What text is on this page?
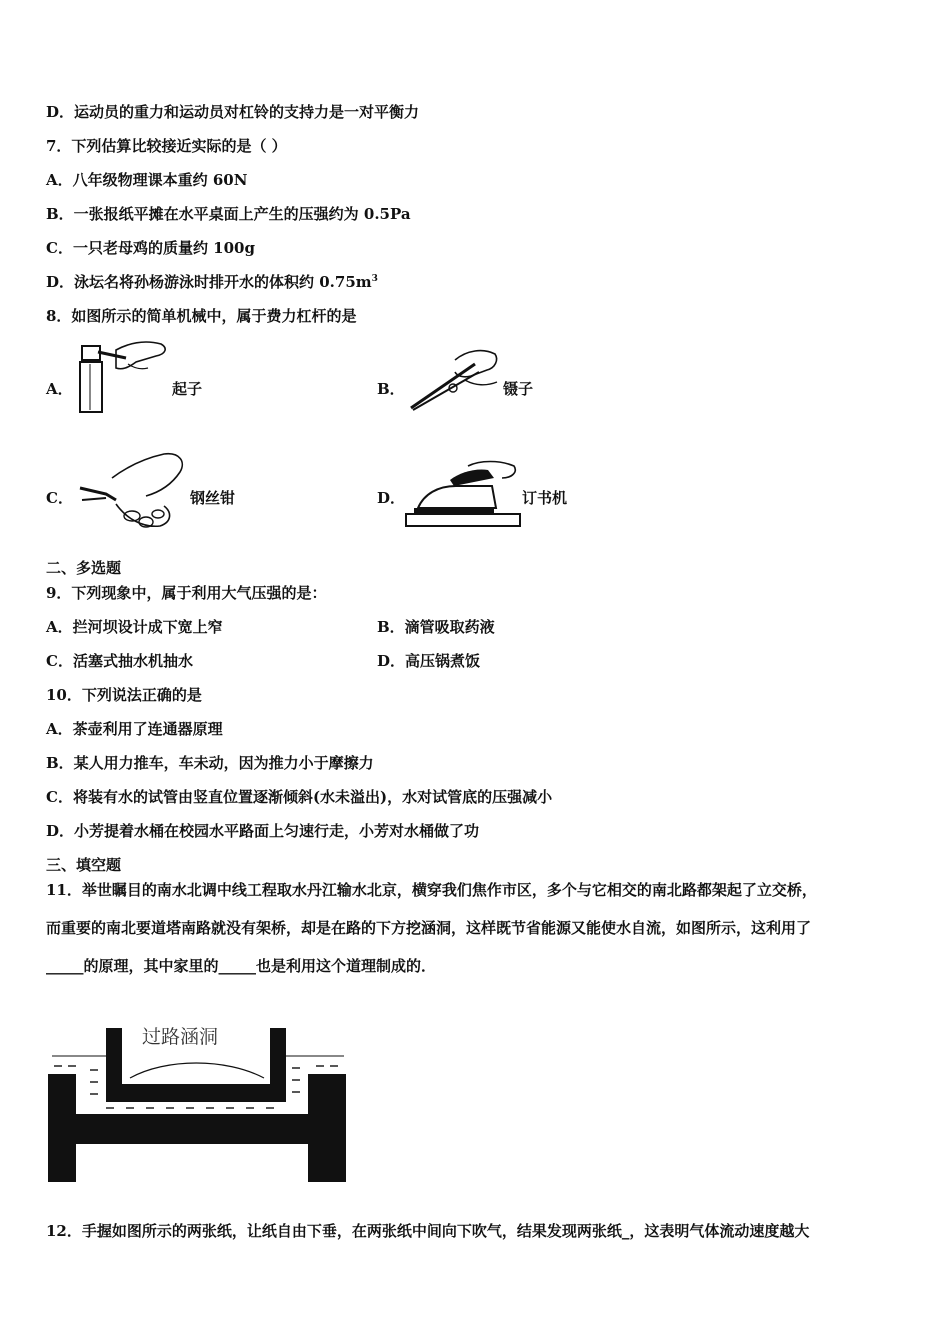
D．运动员的重力和运动员对杠铃的支持力是一对平衡力
7．下列估算比较接近实际的是（ ）
A．八年级物理课本重约 60N
B．一张报纸平摊在水平桌面上产生的压强约为 0.5Pa
C．一只老母鸡的质量约 100g
D．泳坛名将孙杨游泳时排开水的体积约 $0.75m^3$
8．如图所示的简单机械中，属于费力杠杆的是
A．	起子	B．	镊子
C．	钢丝钳	D．	订书机
二、多选题
9．下列现象中，属于利用大气压强的是：
A．拦河坝设计成下宽上窄	B．滴管吸取药液
C．活塞式抽水机抽水	D．高压锅煮饭
10．下列说法正确的是
A．茶壶利用了连通器原理
B．某人用力推车，车未动，因为推力小于摩擦力
C．将装有水的试管由竖直位置逐渐倾斜(水未溢出)，水对试管底的压强减小
D．小芳提着水桶在校园水平路面上匀速行走，小芳对水桶做了功
三、填空题
11．举世瞩目的南水北调中线工程取水丹江输水北京，横穿我们焦作市区，多个与它相交的南北路都架起了立交桥，
而重要的南北要道塔南路就没有架桥，却是在路的下方挖涵洞，这样既节省能源又能使水自流，如图所示，这利用了
_____的原理，其中家里的_____也是利用这个道理制成的．
过路涵洞
12．手握如图所示的两张纸，让纸自由下垂，在两张纸中间向下吹气，结果发现两张纸_，这表明气体流动速度越大
